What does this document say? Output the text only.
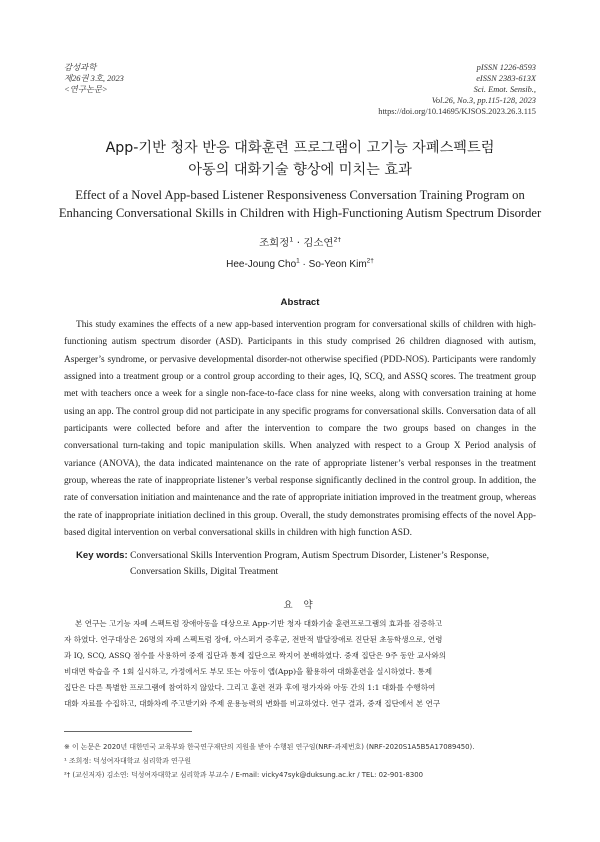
감성과학
제26권 3호, 2023
<연구논문>
pISSN 1226-8593
eISSN 2383-613X
Sci. Emot. Sensib.,
Vol.26, No.3, pp.115-128, 2023
https://doi.org/10.14695/KJSOS.2023.26.3.115
App-기반 청자 반응 대화훈련 프로그램이 고기능 자폐스펙트럼
아동의 대화기술 향상에 미치는 효과
Effect of a Novel App-based Listener Responsiveness Conversation Training Program on
Enhancing Conversational Skills in Children with High-Functioning Autism Spectrum Disorder
조희정$^1$ · 김소연$^{2\dagger}$
Hee-Joung Cho$^1$ · So-Yeon Kim$^{2\dagger}$
Abstract
This study examines the effects of a new app-based intervention program for conversational skills of children with high-functioning autism spectrum disorder (ASD). Participants in this study comprised 26 children diagnosed with autism, Asperger’s syndrome, or pervasive developmental disorder-not otherwise specified (PDD-NOS). Participants were randomly assigned into a treatment group or a control group according to their ages, IQ, SCQ, and ASSQ scores. The treatment group met with teachers once a week for a single non-face-to-face class for nine weeks, along with conversation training at home using an app. The control group did not participate in any specific programs for conversational skills. Conversation data of all participants were collected before and after the intervention to compare the two groups based on changes in the conversational turn-taking and topic manipulation skills. When analyzed with respect to a Group X Period analysis of variance (ANOVA), the data indicated maintenance on the rate of appropriate listener’s verbal responses in the treatment group, whereas the rate of inappropriate listener’s verbal response significantly declined in the control group. In addition, the rate of conversation initiation and maintenance and the rate of appropriate initiation improved in the treatment group, whereas the rate of inappropriate initiation declined in this group. Overall, the study demonstrates promising effects of the novel App-based digital intervention on verbal conversational skills in children with high function ASD.
Key words: Conversational Skills Intervention Program, Autism Spectrum Disorder, Listener’s Response,
Conversation Skills, Digital Treatment
요 약
본 연구는 고기능 자폐 스펙트럼 장애아동을 대상으로 App-기반 청자 대화기술 훈련프로그램의 효과를 검증하고
자 하였다. 연구대상은 26명의 자폐 스펙트럼 장애, 아스퍼거 증후군, 전반적 발달장애로 진단된 초등학생으로, 연령
과 IQ, SCQ, ASSQ 점수를 사용하여 중재 집단과 통제 집단으로 짝지어 분배하였다. 중재 집단은 9주 동안 교사와의
비대면 학습을 주 1회 실시하고, 가정에서도 부모 또는 아동이 앱(App)을 활용하여 대화훈련을 실시하였다. 통제
집단은 다른 특별한 프로그램에 참여하지 않았다. 그리고 훈련 전과 후에 평가자와 아동 간의 1:1 대화를 수행하여
대화 자료를 수집하고, 대화차례 주고받기와 주제 운용능력의 변화를 비교하였다. 연구 결과, 중재 집단에서 본 연구
※ 이 논문은 2020년 대한민국 교육부와 한국연구재단의 지원을 받아 수행된 연구임(NRF-과제번호) (NRF-2020S1A5B5A17089450).
¹ 조희정: 덕성여자대학교 심리학과 연구원
²† (교신저자) 김소연: 덕성여자대학교 심리학과 부교수 / E-mail: vicky47syk@duksung.ac.kr / TEL: 02-901-8300
